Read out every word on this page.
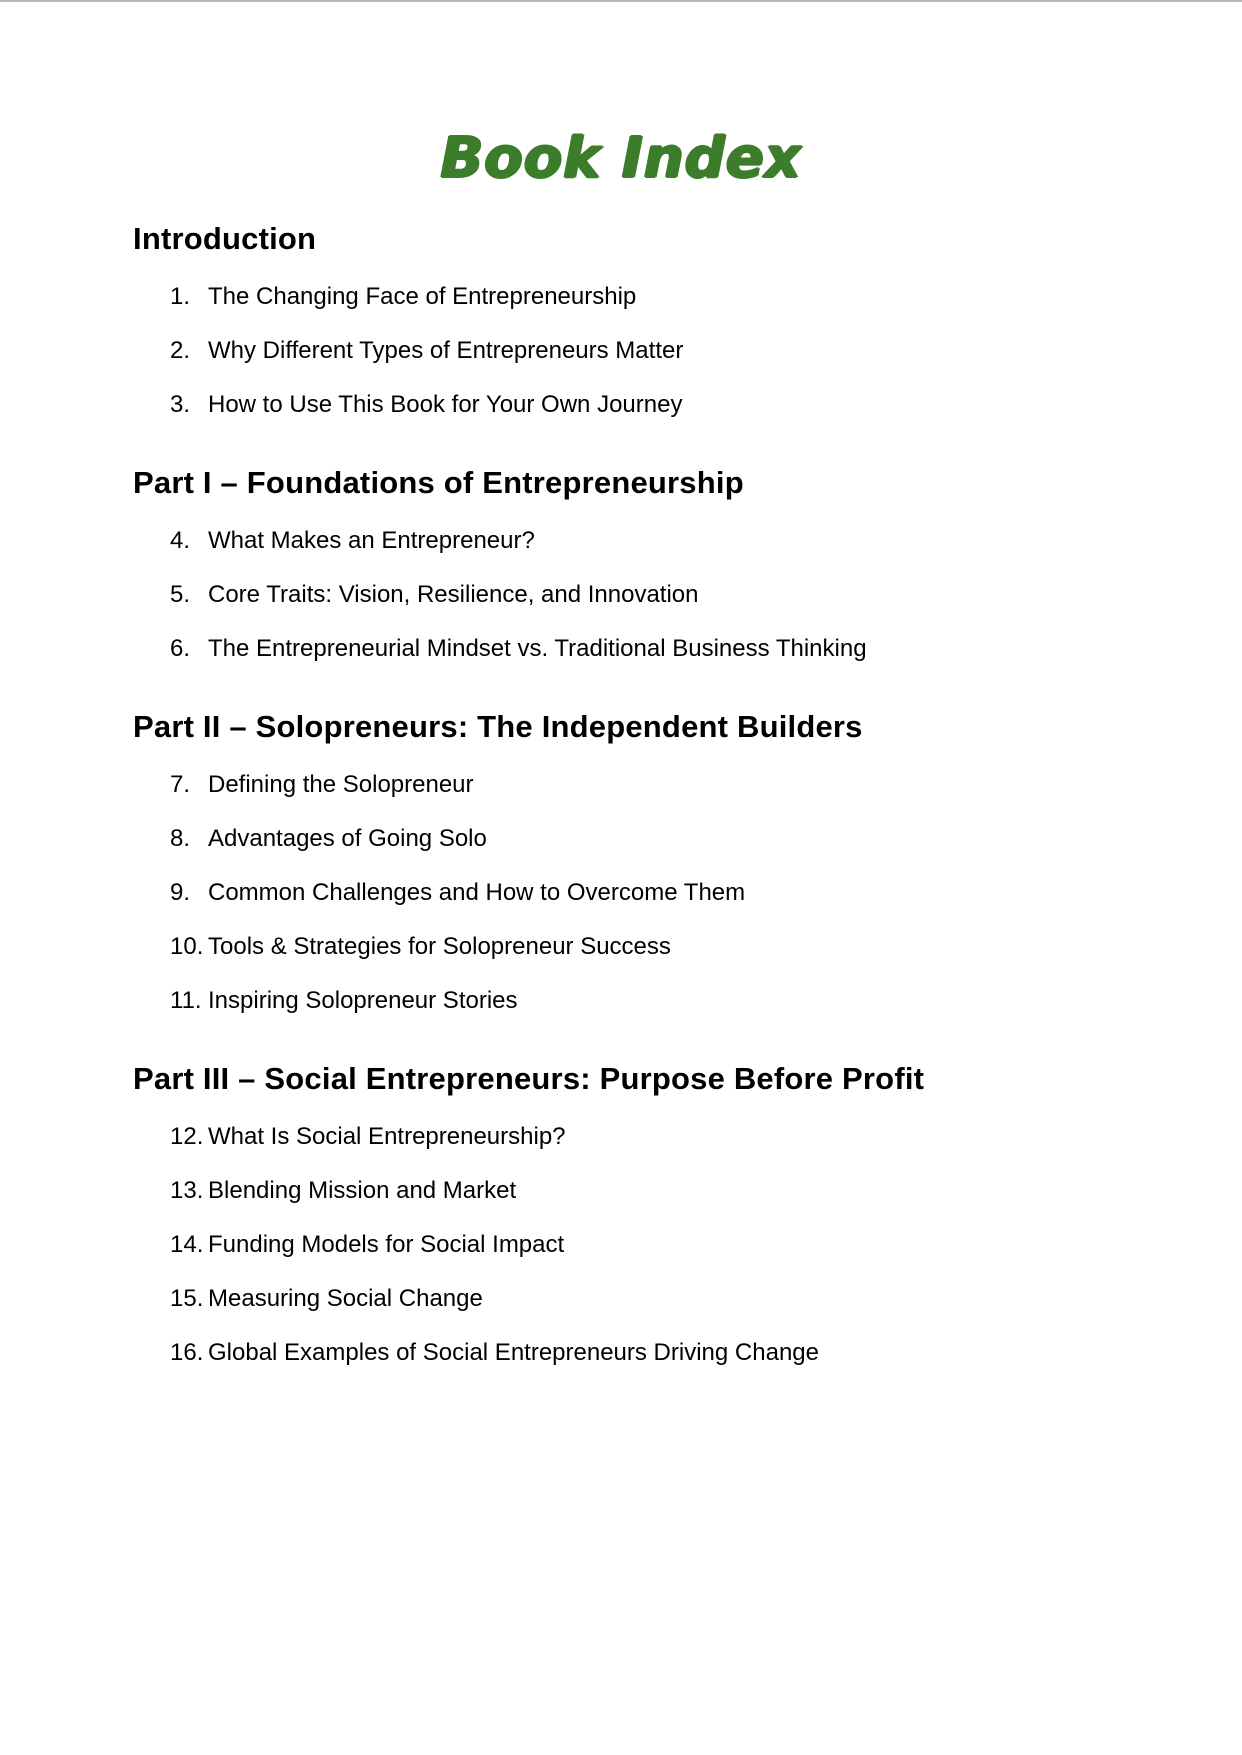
Book Index
Introduction
1. The Changing Face of Entrepreneurship
2. Why Different Types of Entrepreneurs Matter
3. How to Use This Book for Your Own Journey
Part I – Foundations of Entrepreneurship
4. What Makes an Entrepreneur?
5. Core Traits: Vision, Resilience, and Innovation
6. The Entrepreneurial Mindset vs. Traditional Business Thinking
Part II – Solopreneurs: The Independent Builders
7. Defining the Solopreneur
8. Advantages of Going Solo
9. Common Challenges and How to Overcome Them
10. Tools & Strategies for Solopreneur Success
11. Inspiring Solopreneur Stories
Part III – Social Entrepreneurs: Purpose Before Profit
12. What Is Social Entrepreneurship?
13. Blending Mission and Market
14. Funding Models for Social Impact
15. Measuring Social Change
16. Global Examples of Social Entrepreneurs Driving Change
